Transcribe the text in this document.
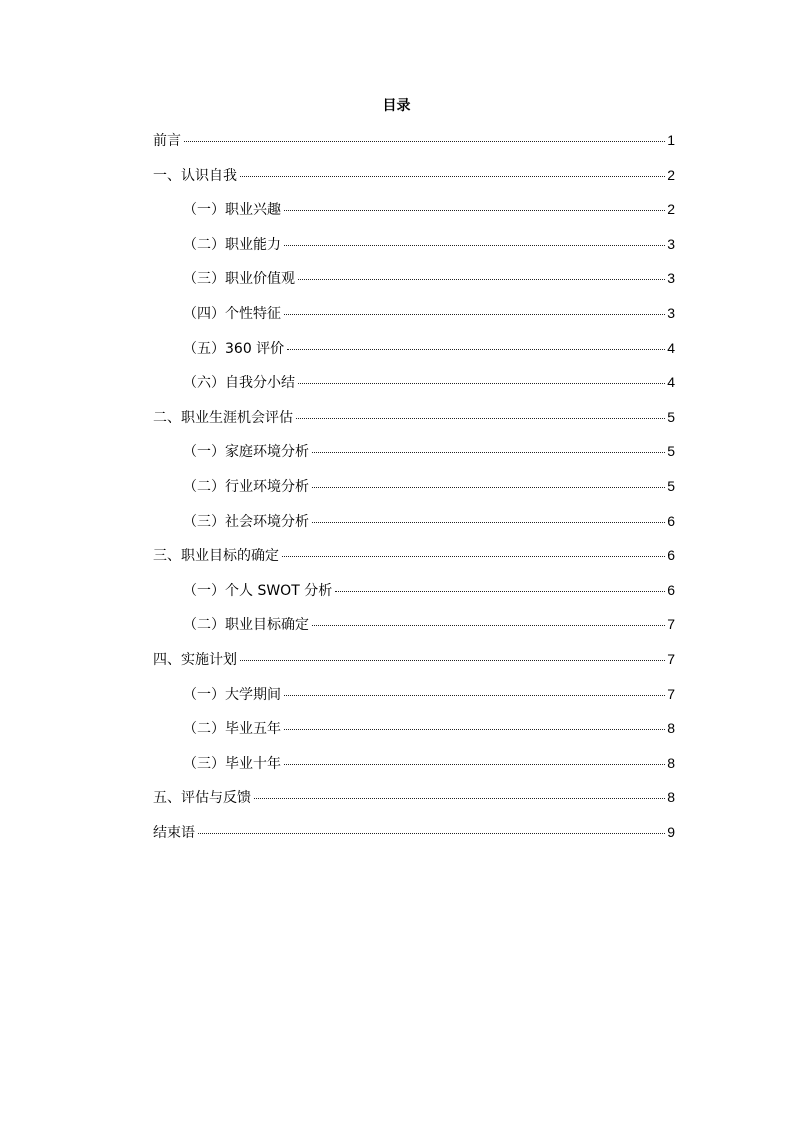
目录
前言	1
一、认识自我	2
（一）职业兴趣	2
（二）职业能力	3
（三）职业价值观	3
（四）个性特征	3
（五）360 评价	4
（六）自我分小结	4
二、职业生涯机会评估	5
（一）家庭环境分析	5
（二）行业环境分析	5
（三）社会环境分析	6
三、职业目标的确定	6
（一）个人 SWOT 分析	6
（二）职业目标确定	7
四、实施计划	7
（一）大学期间	7
（二）毕业五年	8
（三）毕业十年	8
五、评估与反馈	8
结束语	9
